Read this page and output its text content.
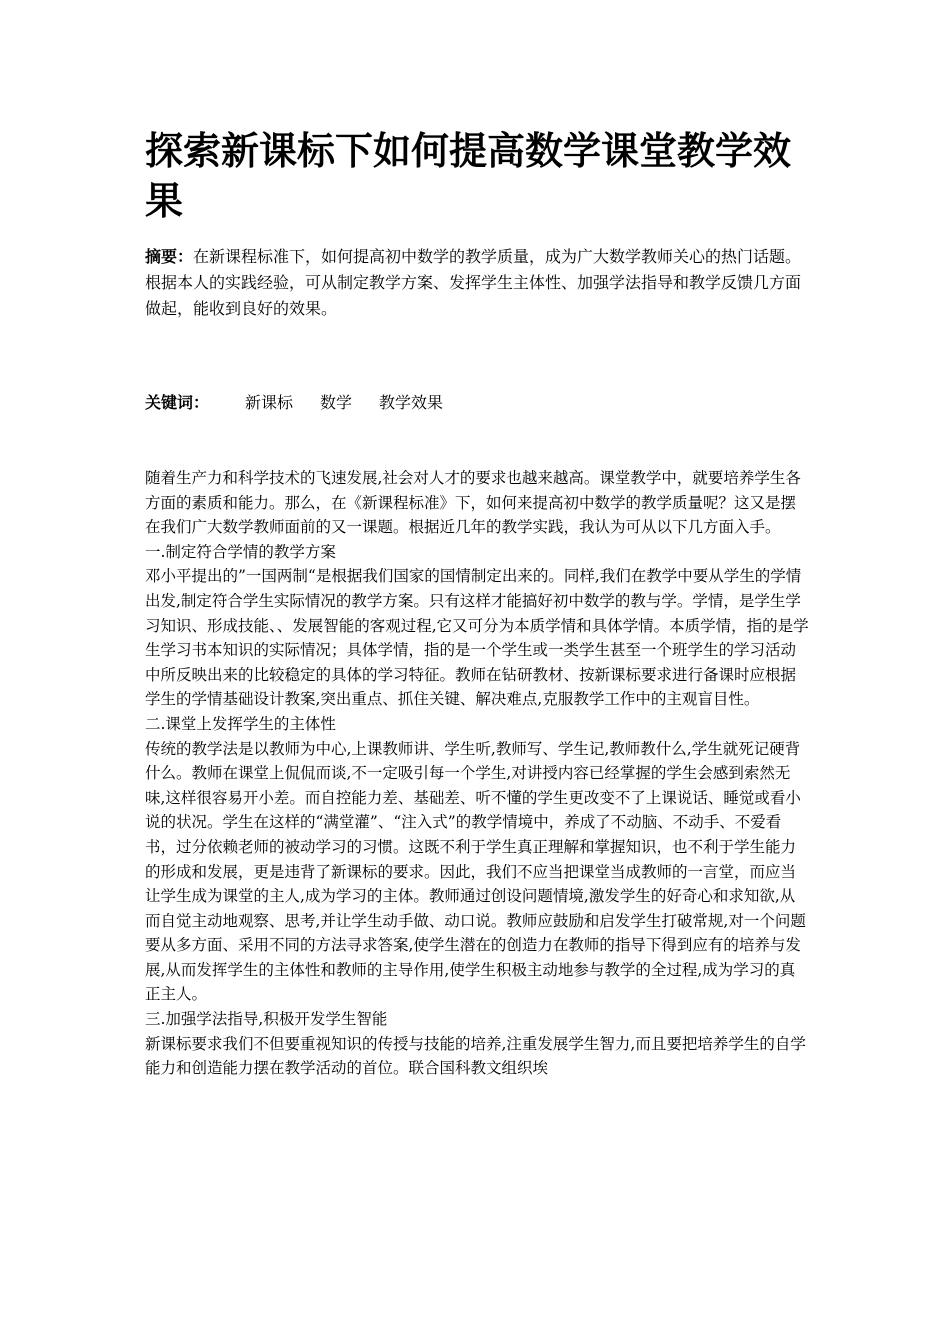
探索新课标下如何提高数学课堂教学效果

摘要：在新课程标准下，如何提高初中数学的教学质量，成为广大数学教师关心的热门话题。根据本人的实践经验，可从制定教学方案、发挥学生主体性、加强学法指导和教学反馈几方面做起，能收到良好的效果。

关键词： 新课标 数学 教学效果

随着生产力和科学技术的飞速发展,社会对人才的要求也越来越高。课堂教学中，就要培养学生各方面的素质和能力。那么，在《新课程标准》下，如何来提高初中数学的教学质量呢？这又是摆在我们广大数学教师面前的又一课题。根据近几年的教学实践，我认为可从以下几方面入手。

一.制定符合学情的教学方案

邓小平提出的”一国两制“是根据我们国家的国情制定出来的。同样,我们在教学中要从学生的学情出发,制定符合学生实际情况的教学方案。只有这样才能搞好初中数学的教与学。学情，是学生学习知识、形成技能、、发展智能的客观过程,它又可分为本质学情和具体学情。本质学情，指的是学生学习书本知识的实际情况；具体学情，指的是一个学生或一类学生甚至一个班学生的学习活动中所反映出来的比较稳定的具体的学习特征。教师在钻研教材、按新课标要求进行备课时应根据学生的学情基础设计教案,突出重点、抓住关键、解决难点,克服教学工作中的主观盲目性。

二.课堂上发挥学生的主体性

传统的教学法是以教师为中心,上课教师讲、学生听,教师写、学生记,教师教什么,学生就死记硬背什么。教师在课堂上侃侃而谈,不一定吸引每一个学生,对讲授内容已经掌握的学生会感到索然无味,这样很容易开小差。而自控能力差、基础差、听不懂的学生更改变不了上课说话、睡觉或看小说的状况。学生在这样的“满堂灌”、“注入式”的教学情境中，养成了不动脑、不动手、不爱看书，过分依赖老师的被动学习的习惯。这既不利于学生真正理解和掌握知识，也不利于学生能力的形成和发展，更是违背了新课标的要求。因此，我们不应当把课堂当成教师的一言堂，而应当让学生成为课堂的主人,成为学习的主体。教师通过创设问题情境,激发学生的好奇心和求知欲,从而自觉主动地观察、思考,并让学生动手做、动口说。教师应鼓励和启发学生打破常规,对一个问题要从多方面、采用不同的方法寻求答案,使学生潜在的创造力在教师的指导下得到应有的培养与发展,从而发挥学生的主体性和教师的主导作用,使学生积极主动地参与教学的全过程,成为学习的真正主人。

三.加强学法指导,积极开发学生智能

新课标要求我们不但要重视知识的传授与技能的培养,注重发展学生智力,而且要把培养学生的自学能力和创造能力摆在教学活动的首位。联合国科教文组织埃
